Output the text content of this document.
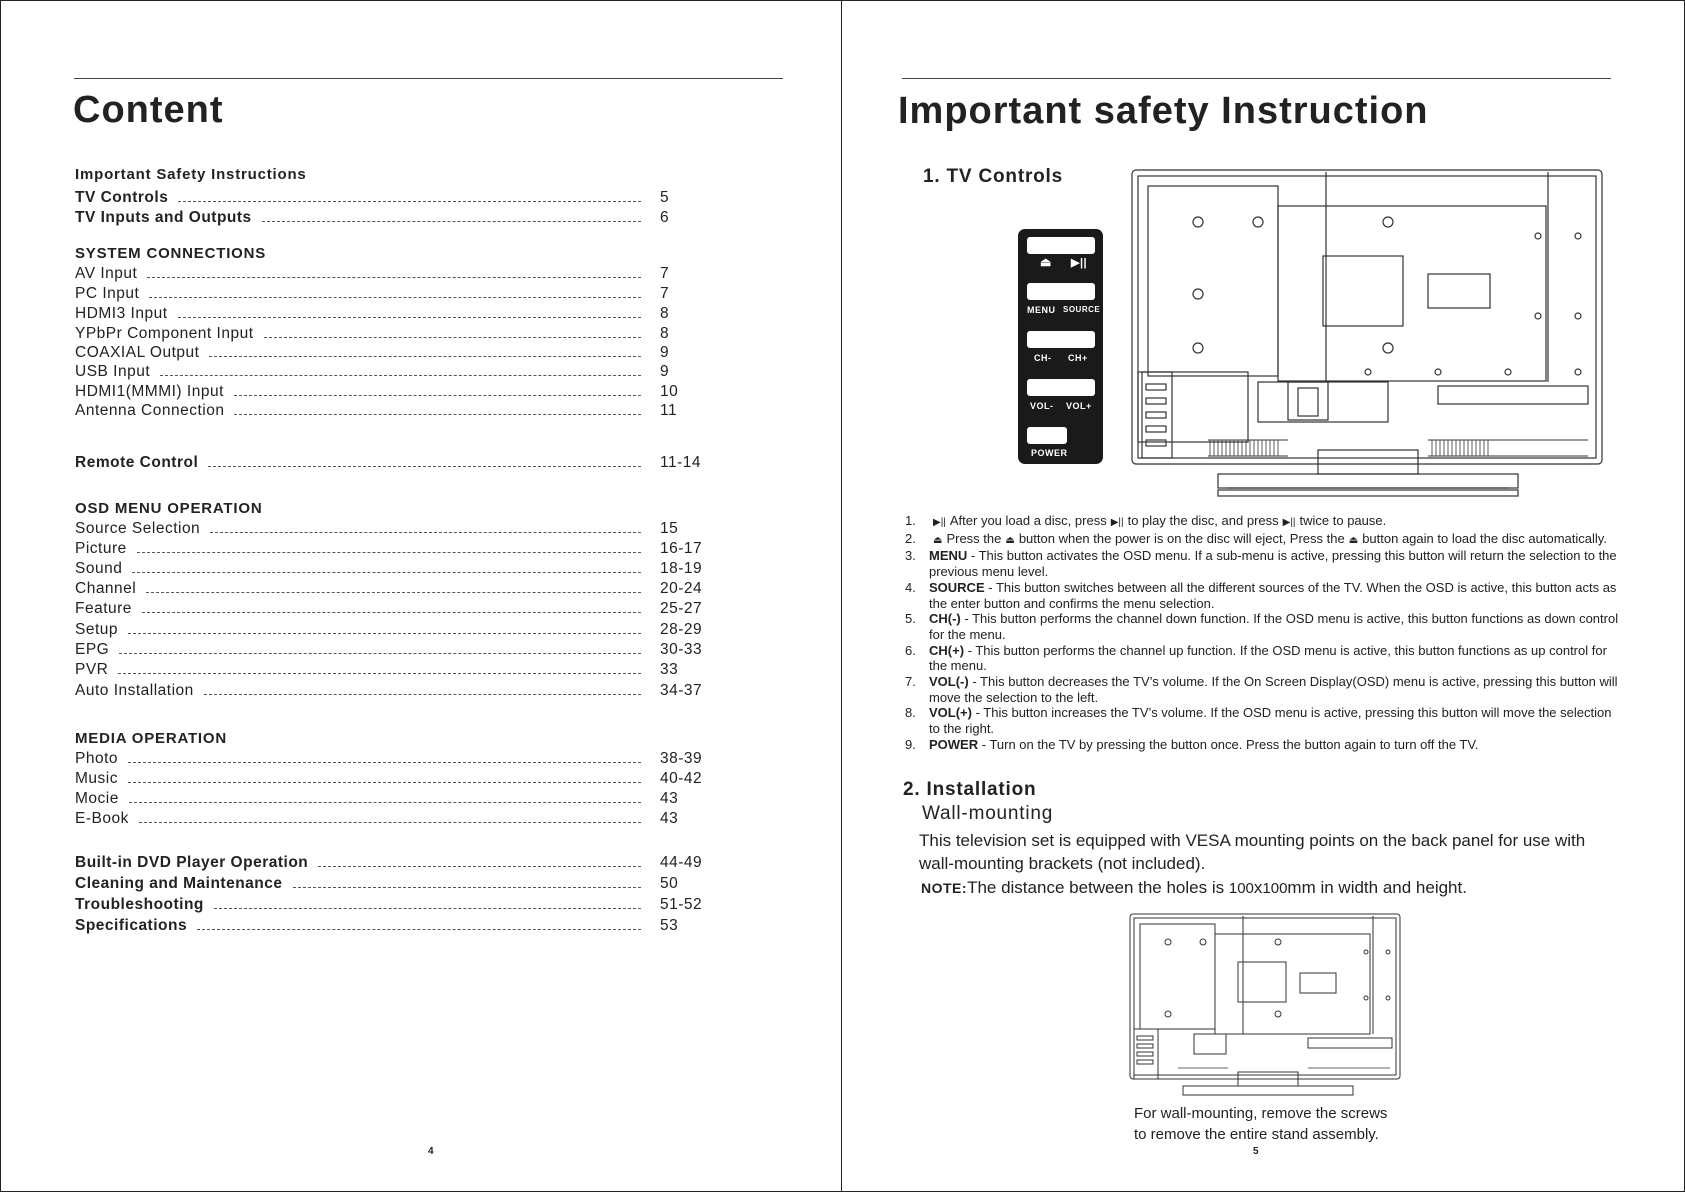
Content
Important Safety Instructions
TV Controls	5
TV Inputs and Outputs	6
SYSTEM CONNECTIONS
AV Input	7
PC Input	7
HDMI3 Input	8
YPbPr Component Input	8
COAXIAL Output	9
USB Input	9
HDMI1(MMMI) Input	10
Antenna Connection	11
Remote Control	11-14
OSD MENU OPERATION
Source Selection	15
Picture	16-17
Sound	18-19
Channel	20-24
Feature	25-27
Setup	28-29
EPG	30-33
PVR	33
Auto Installation	34-37
MEDIA OPERATION
Photo	38-39
Music	40-42
Mocie	43
E-Book	43
Built-in DVD Player Operation	44-49
Cleaning and Maintenance	50
Troubleshooting	51-52
Specifications	53
4
Important safety Instruction
1. TV Controls
⏏ ▶||
MENU SOURCE
CH- CH+
VOL- VOL+
POWER
1.	▶|| After you load a disc, press ▶|| to play the disc, and press ▶|| twice to pause.
2.	⏏ Press the ⏏ button when the power is on the disc will eject, Press the ⏏ button again to load the disc automatically.
3.	MENU - This button activates the OSD menu. If a sub-menu is active, pressing this button will return the selection to the previous menu level.
4.	SOURCE - This button switches between all the different sources of the TV. When the OSD is active, this button acts as the enter button and confirms the menu selection.
5.	CH(-) - This button performs the channel down function. If the OSD menu is active, this button functions as down control for the menu.
6.	CH(+) - This button performs the channel up function. If the OSD menu is active, this button functions as up control for the menu.
7.	VOL(-) - This button decreases the TV’s volume. If the On Screen Display(OSD) menu is active, pressing this button will move the selection to the left.
8.	VOL(+) - This button increases the TV’s volume. If the OSD menu is active, pressing this button will move the selection to the right.
9.	POWER - Turn on the TV by pressing the button once. Press the button again to turn off the TV.
2. Installation
Wall-mounting
This television set is equipped with VESA mounting points on the back panel for use with wall-mounting brackets (not included).
NOTE:The distance between the holes is 100x100mm in width and height.
For wall-mounting, remove the screws
to remove the entire stand assembly.
5
